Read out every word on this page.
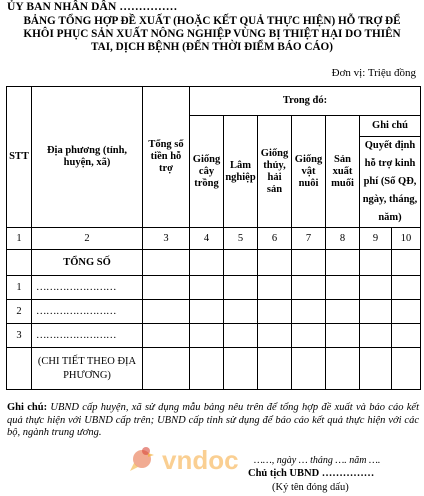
ỦY BAN NHÂN DÂN ……………
BẢNG TỔNG HỢP ĐỀ XUẤT (HOẶC KẾT QUẢ THỰC HIỆN) HỖ TRỢ ĐỂ
KHÔI PHỤC SẢN XUẤT NÔNG NGHIỆP VÙNG BỊ THIỆT HẠI DO THIÊN
TAI, DỊCH BỆNH (ĐẾN THỜI ĐIỂM BÁO CÁO)
Đơn vị: Triệu đồng
STT	Địa phương (tỉnh, huyện, xã)	Tổng số tiền hỗ trợ	Trong đó:						
			Giống cây trồng	Lâm nghiệp	Giống thủy, hải sản	Giống vật nuôi	Sản xuất muối	Ghi chú	
								Quyết định hỗ trợ kinh phí (Số QĐ, ngày, tháng, năm)	
1	2	3	4	5	6	7	8	9	10
	TỔNG SỐ								
1	……………………								
2	……………………								
3	……………………								
	(CHI TIẾT THEO ĐỊA PHƯƠNG)								
Ghi chú: UBND cấp huyện, xã sử dụng mẫu bảng nêu trên để tổng hợp đề xuất và báo cáo kết quả thực hiện với UBND cấp trên; UBND cấp tỉnh sử dụng để báo cáo kết quả thực hiện với các bộ, ngành trung ương.
vndoc ……, ngày … tháng …. năm ….
Chủ tịch UBND ……………
(Ký tên đóng dấu)
